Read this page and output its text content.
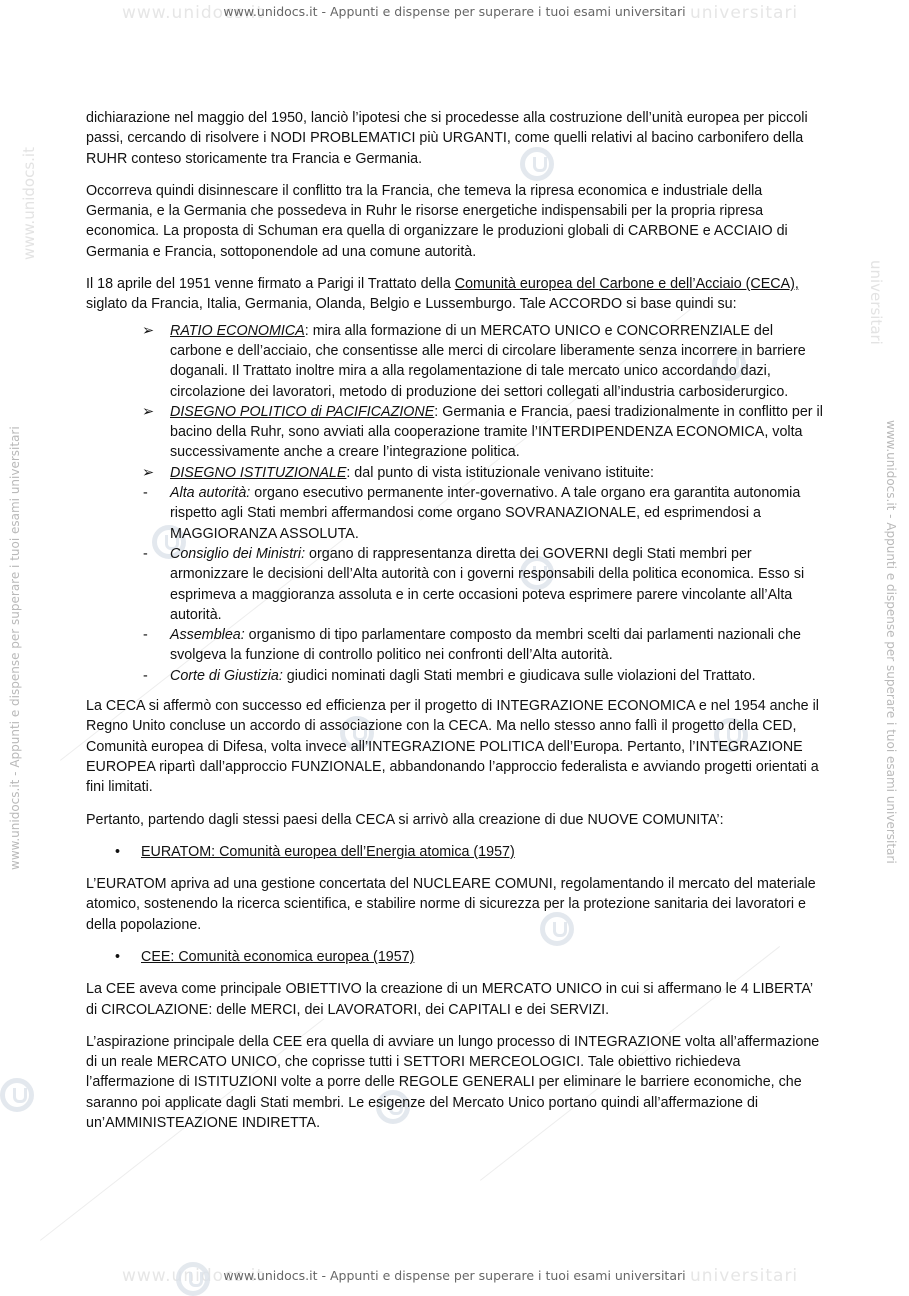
www.unidocs.it	universitari
www.unidocs.it	universitari
www.unidocs.it - Appunti e dispense per superare i tuoi esami universitari
www.unidocs.it
www.unidocs.it - Appunti e dispense per superare i tuoi esami universitari
universitari
www.unidocs.it - Appunti e dispense per superare i tuoi esami universitari
www.unidocs.it - Appunti e dispense per superare i tuoi esami universitari

dichiarazione nel maggio del 1950, lanciò l’ipotesi che si procedesse alla costruzione dell’unità europea per piccoli passi, cercando di risolvere i NODI PROBLEMATICI più URGANTI, come quelli relativi al bacino carbonifero della RUHR conteso storicamente tra Francia e Germania.

Occorreva quindi disinnescare il conflitto tra la Francia, che temeva la ripresa economica e industriale della Germania, e la Germania che possedeva in Ruhr le risorse energetiche indispensabili per la propria ripresa economica. La proposta di Schuman era quella di organizzare le produzioni globali di CARBONE e ACCIAIO di Germania e Francia, sottoponendole ad una comune autorità.

Il 18 aprile del 1951 venne firmato a Parigi il Trattato della Comunità europea del Carbone e dell’Acciaio (CECA), siglato da Francia, Italia, Germania, Olanda, Belgio e Lussemburgo. Tale ACCORDO si base quindi su:

➢ RATIO ECONOMICA: mira alla formazione di un MERCATO UNICO e CONCORRENZIALE del carbone e dell’acciaio, che consentisse alle merci di circolare liberamente senza incorrere in barriere doganali. Il Trattato inoltre mira a alla regolamentazione di tale mercato unico accordando dazi, circolazione dei lavoratori, metodo di produzione dei settori collegati all’industria carbosiderurgico.
➢ DISEGNO POLITICO di PACIFICAZIONE: Germania e Francia, paesi tradizionalmente in conflitto per il bacino della Ruhr, sono avviati alla cooperazione tramite l’INTERDIPENDENZA ECONOMICA, volta successivamente anche a creare l’integrazione politica.
➢ DISEGNO ISTITUZIONALE: dal punto di vista istituzionale venivano istituite:
- Alta autorità: organo esecutivo permanente inter-governativo. A tale organo era garantita autonomia rispetto agli Stati membri affermandosi come organo SOVRANAZIONALE, ed esprimendosi a MAGGIORANZA ASSOLUTA.
- Consiglio dei Ministri: organo di rappresentanza diretta dei GOVERNI degli Stati membri per armonizzare le decisioni dell’Alta autorità con i governi responsabili della politica economica. Esso si esprimeva a maggioranza assoluta e in certe occasioni poteva esprimere parere vincolante all’Alta autorità.
- Assemblea: organismo di tipo parlamentare composto da membri scelti dai parlamenti nazionali che svolgeva la funzione di controllo politico nei confronti dell’Alta autorità.
- Corte di Giustizia: giudici nominati dagli Stati membri e giudicava sulle violazioni del Trattato.

La CECA si affermò con successo ed efficienza per il progetto di INTEGRAZIONE ECONOMICA e nel 1954 anche il Regno Unito concluse un accordo di associazione con la CECA. Ma nello stesso anno fallì il progetto della CED, Comunità europea di Difesa, volta invece all’INTEGRAZIONE POLITICA dell’Europa. Pertanto, l’INTEGRAZIONE EUROPEA ripartì dall’approccio FUNZIONALE, abbandonando l’approccio federalista e avviando progetti orientati a fini limitati.

Pertanto, partendo dagli stessi paesi della CECA si arrivò alla creazione di due NUOVE COMUNITA’:

• EURATOM: Comunità europea dell’Energia atomica (1957)

L’EURATOM apriva ad una gestione concertata del NUCLEARE COMUNI, regolamentando il mercato del materiale atomico, sostenendo la ricerca scientifica, e stabilire norme di sicurezza per la protezione sanitaria dei lavoratori e della popolazione.

• CEE: Comunità economica europea (1957)

La CEE aveva come principale OBIETTIVO la creazione di un MERCATO UNICO in cui si affermano le 4 LIBERTA’ di CIRCOLAZIONE: delle MERCI, dei LAVORATORI, dei CAPITALI e dei SERVIZI.

L’aspirazione principale della CEE era quella di avviare un lungo processo di INTEGRAZIONE volta all’affermazione di un reale MERCATO UNICO, che coprisse tutti i SETTORI MERCEOLOGICI. Tale obiettivo richiedeva l’affermazione di ISTITUZIONI volte a porre delle REGOLE GENERALI per eliminare le barriere economiche, che saranno poi applicate dagli Stati membri. Le esigenze del Mercato Unico portano quindi all’affermazione di un’AMMINISTEAZIONE INDIRETTA.
